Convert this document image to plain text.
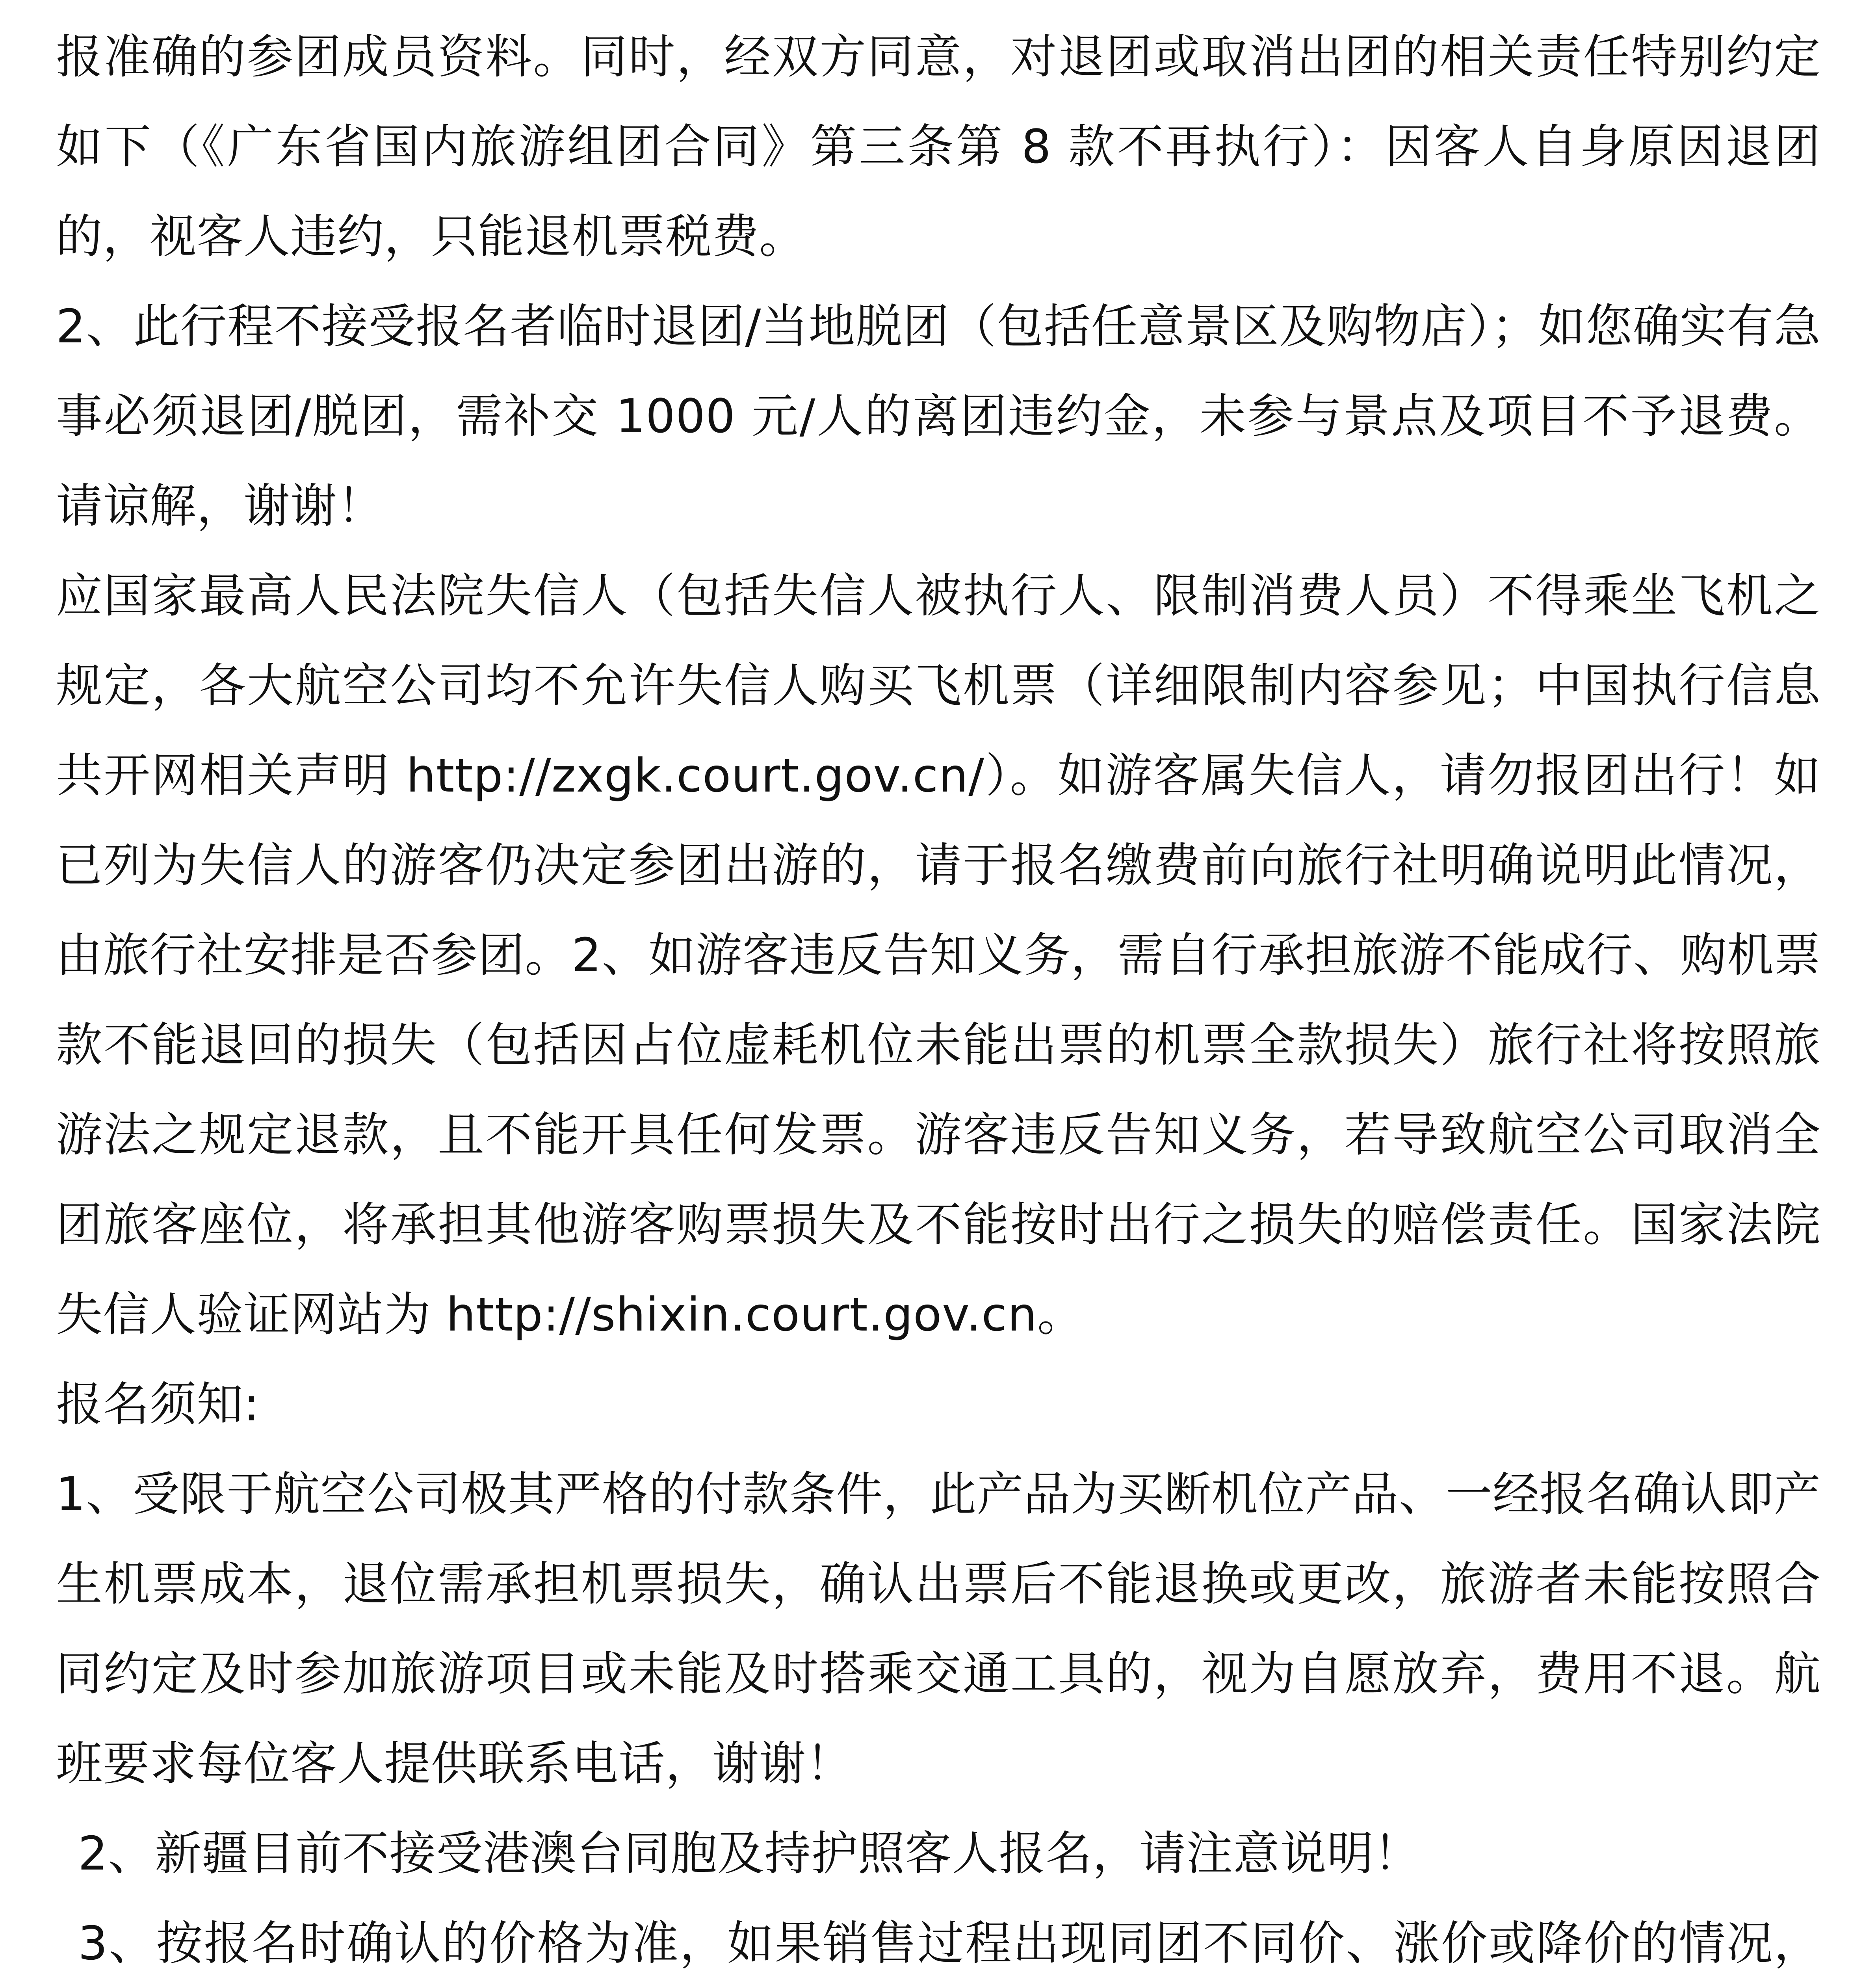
报准确的参团成员资料。同时，经双方同意，对退团或取消出团的相关责任特别约定如下（《广东省国内旅游组团合同》第三条第 8 款不再执行）：因客人自身原因退团的，视客人违约，只能退机票税费。

2、此行程不接受报名者临时退团/当地脱团（包括任意景区及购物店）；如您确实有急事必须退团/脱团，需补交 1000 元/人的离团违约金，未参与景点及项目不予退费。请谅解，谢谢！

应国家最高人民法院失信人（包括失信人被执行人、限制消费人员）不得乘坐飞机之规定，各大航空公司均不允许失信人购买飞机票（详细限制内容参见；中国执行信息共开网相关声明 http://zxgk.court.gov.cn/）。如游客属失信人，请勿报团出行！如已列为失信人的游客仍决定参团出游的，请于报名缴费前向旅行社明确说明此情况，由旅行社安排是否参团。2、如游客违反告知义务，需自行承担旅游不能成行、购机票款不能退回的损失（包括因占位虚耗机位未能出票的机票全款损失）旅行社将按照旅游法之规定退款，且不能开具任何发票。游客违反告知义务，若导致航空公司取消全团旅客座位，将承担其他游客购票损失及不能按时出行之损失的赔偿责任。国家法院失信人验证网站为 http://shixin.court.gov.cn。

报名须知:

1、受限于航空公司极其严格的付款条件，此产品为买断机位产品、一经报名确认即产生机票成本，退位需承担机票损失，确认出票后不能退换或更改，旅游者未能按照合同约定及时参加旅游项目或未能及时搭乘交通工具的，视为自愿放弃，费用不退。航班要求每位客人提供联系电话，谢谢！

2、新疆目前不接受港澳台同胞及持护照客人报名，请注意说明！

3、按报名时确认的价格为准，如果销售过程出现同团不同价、涨价或降价的情况，
